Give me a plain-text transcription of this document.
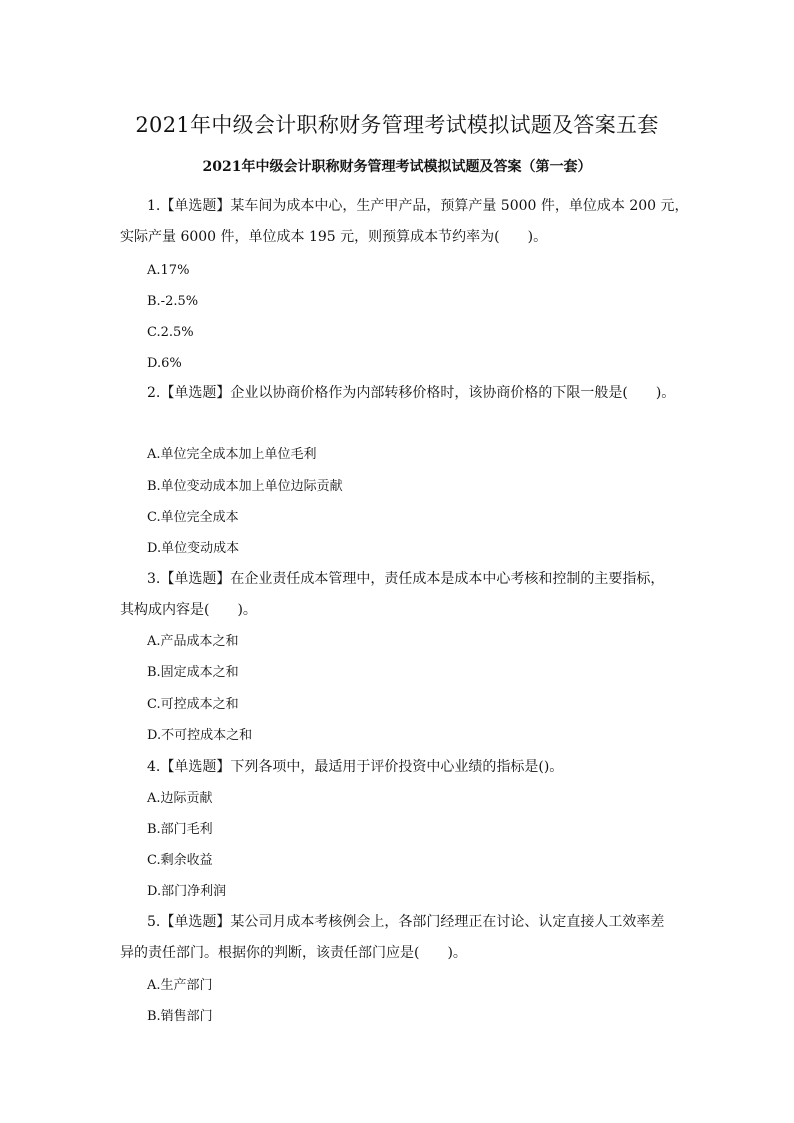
2021年中级会计职称财务管理考试模拟试题及答案五套
2021年中级会计职称财务管理考试模拟试题及答案（第一套）
1.【单选题】某车间为成本中心，生产甲产品，预算产量 5000 件，单位成本 200 元，
实际产量 6000 件，单位成本 195 元，则预算成本节约率为(　　)。
A.17%
B.-2.5%
C.2.5%
D.6%
2.【单选题】企业以协商价格作为内部转移价格时，该协商价格的下限一般是(　　)。
A.单位完全成本加上单位毛利
B.单位变动成本加上单位边际贡献
C.单位完全成本
D.单位变动成本
3.【单选题】在企业责任成本管理中，责任成本是成本中心考核和控制的主要指标，
其构成内容是(　　)。
A.产品成本之和
B.固定成本之和
C.可控成本之和
D.不可控成本之和
4.【单选题】下列各项中，最适用于评价投资中心业绩的指标是()。
A.边际贡献
B.部门毛利
C.剩余收益
D.部门净利润
5.【单选题】某公司月成本考核例会上，各部门经理正在讨论、认定直接人工效率差
异的责任部门。根据你的判断，该责任部门应是(　　)。
A.生产部门
B.销售部门
